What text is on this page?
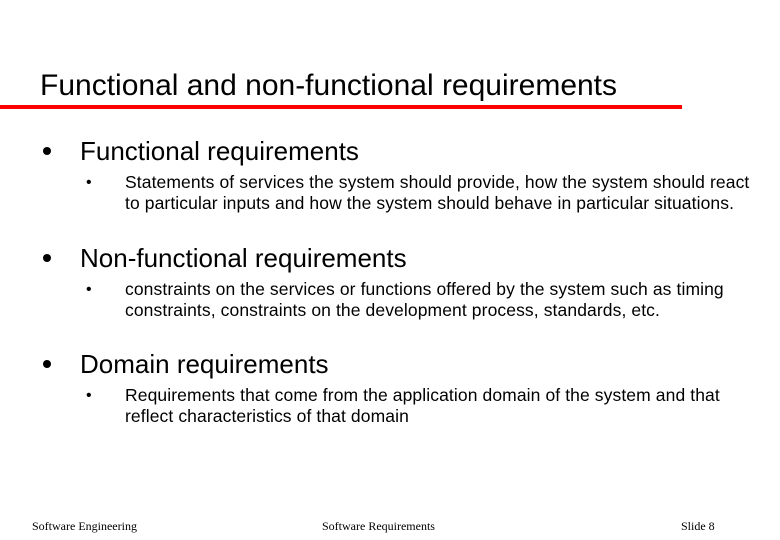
Functional and non-functional requirements
Functional requirements
• Statements of services the system should provide, how the system should react to particular inputs and how the system should behave in particular situations.
Non-functional requirements
• constraints on the services or functions offered by the system such as timing constraints, constraints on the development process, standards, etc.
Domain requirements
• Requirements that come from the application domain of the system and that reflect characteristics of that domain
Software Engineering	Software Requirements	Slide 8
